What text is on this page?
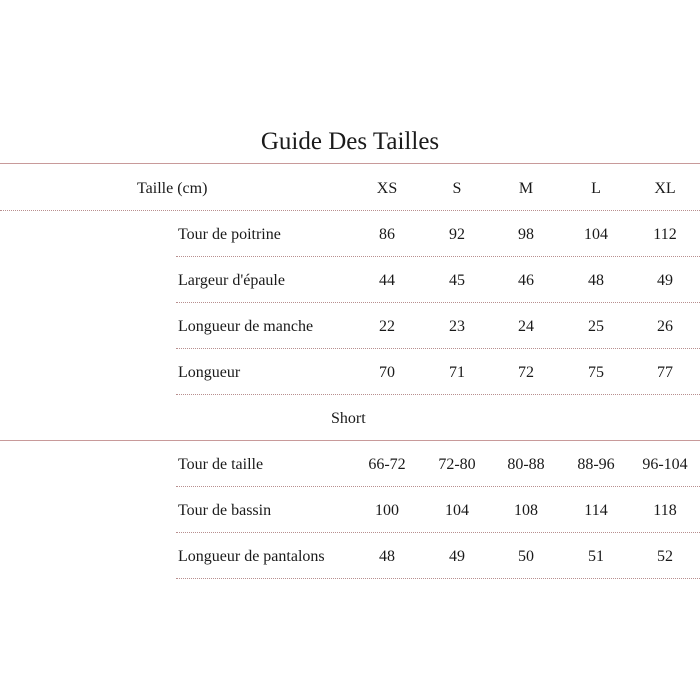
Guide Des Tailles
Taille (cm)	XS	S	M	L	XL
Tour de poitrine	86	92	98	104	112
Largeur d'épaule	44	45	46	48	49
Longueur de manche	22	23	24	25	26
Longueur	70	71	72	75	77
Short
Tour de taille	66-72	72-80	80-88	88-96	96-104
Tour de bassin	100	104	108	114	118
Longueur de pantalons	48	49	50	51	52
